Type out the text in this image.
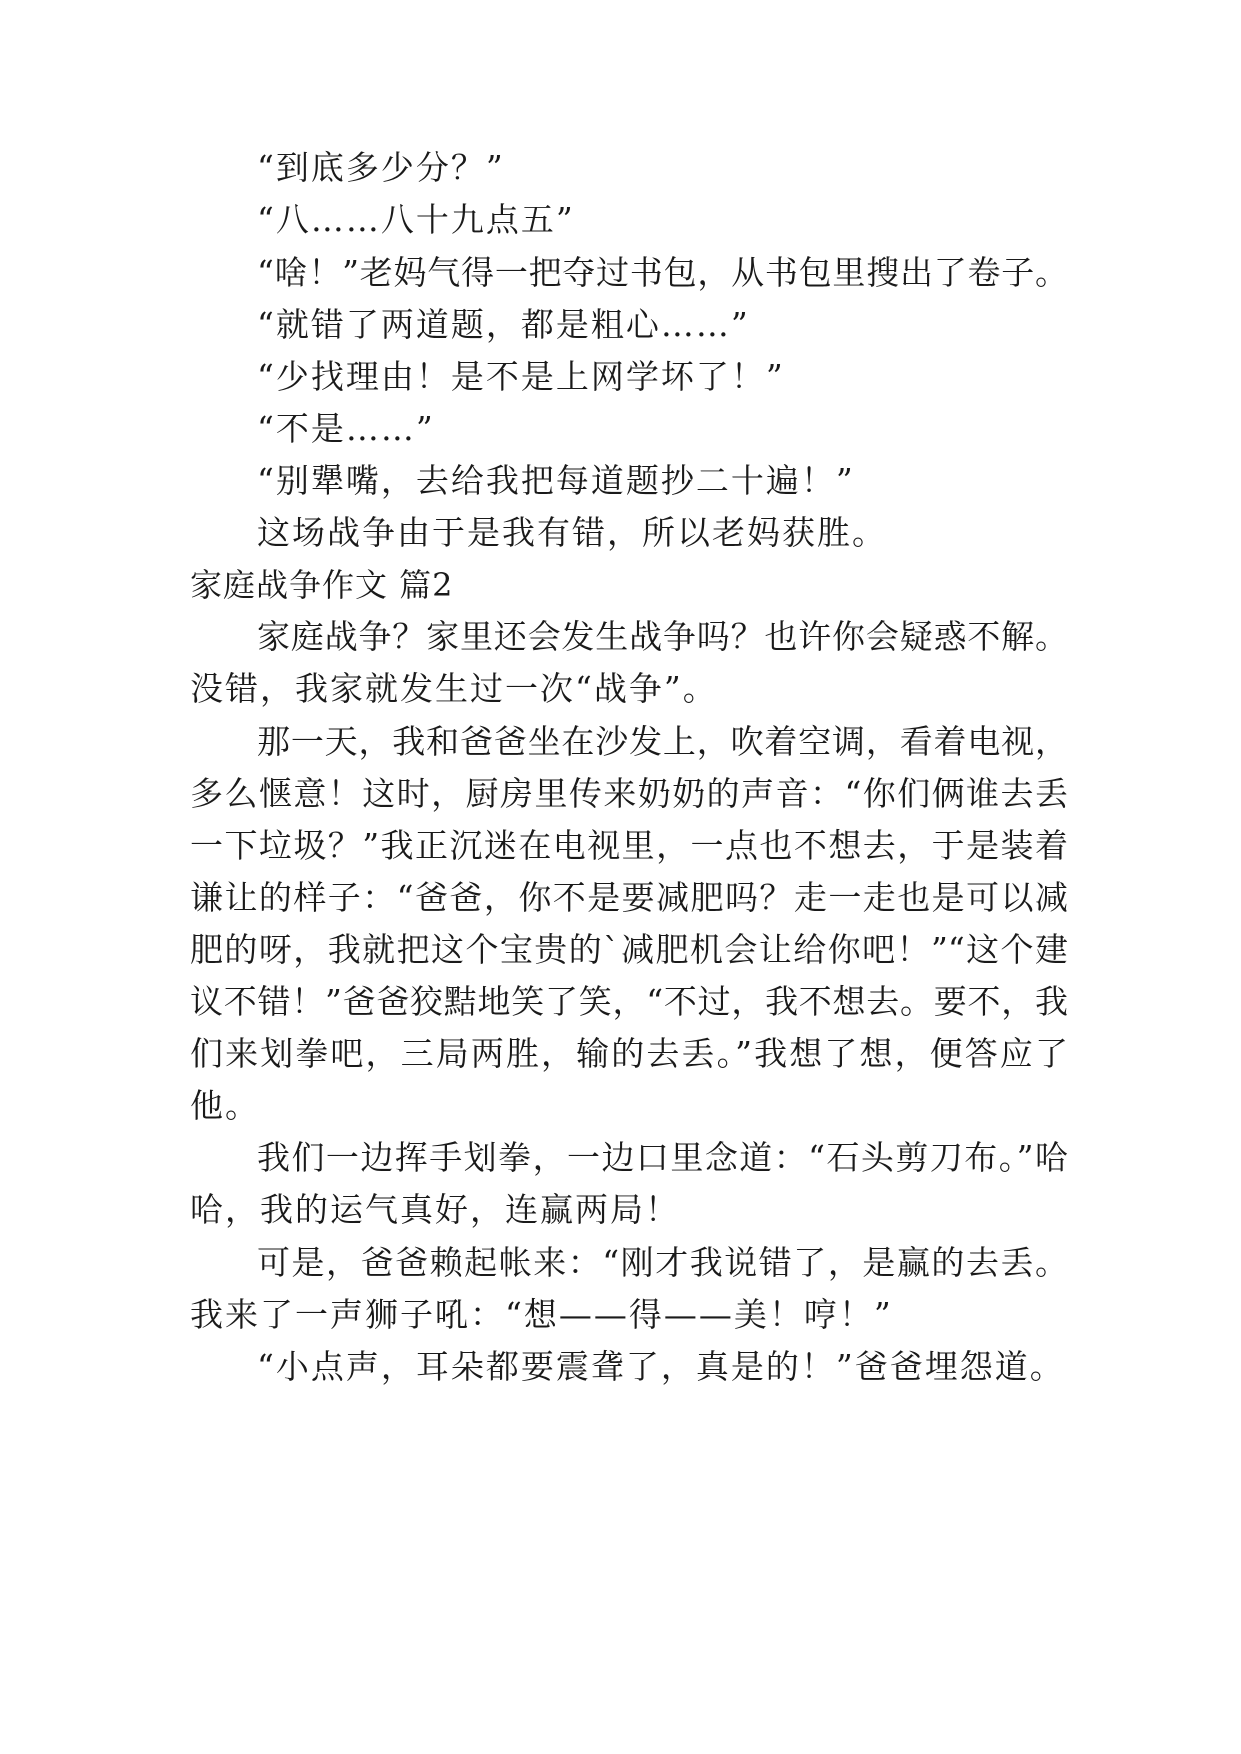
“到底多少分？”
“八……八十九点五”
“啥！”老妈气得一把夺过书包，从书包里搜出了卷子。
“就错了两道题，都是粗心……”
“少找理由！是不是上网学坏了！”
“不是……”
“别犟嘴，去给我把每道题抄二十遍！”
这场战争由于是我有错，所以老妈获胜。
家庭战争作文 篇2
家庭战争？家里还会发生战争吗？也许你会疑惑不解。
没错，我家就发生过一次“战争”。
那一天，我和爸爸坐在沙发上，吹着空调，看着电视，
多么惬意！这时，厨房里传来奶奶的声音：“你们俩谁去丢
一下垃圾？”我正沉迷在电视里，一点也不想去，于是装着
谦让的样子：“爸爸，你不是要减肥吗？走一走也是可以减
肥的呀，我就把这个宝贵的`减肥机会让给你吧！”“这个建
议不错！”爸爸狡黠地笑了笑，“不过，我不想去。要不，我
们来划拳吧，三局两胜，输的去丢。”我想了想，便答应了
他。
我们一边挥手划拳，一边口里念道：“石头剪刀布。”哈
哈，我的运气真好，连赢两局！
可是，爸爸赖起帐来：“刚才我说错了，是赢的去丢。
我来了一声狮子吼：“想——得——美！哼！”
“小点声，耳朵都要震聋了，真是的！”爸爸埋怨道。
